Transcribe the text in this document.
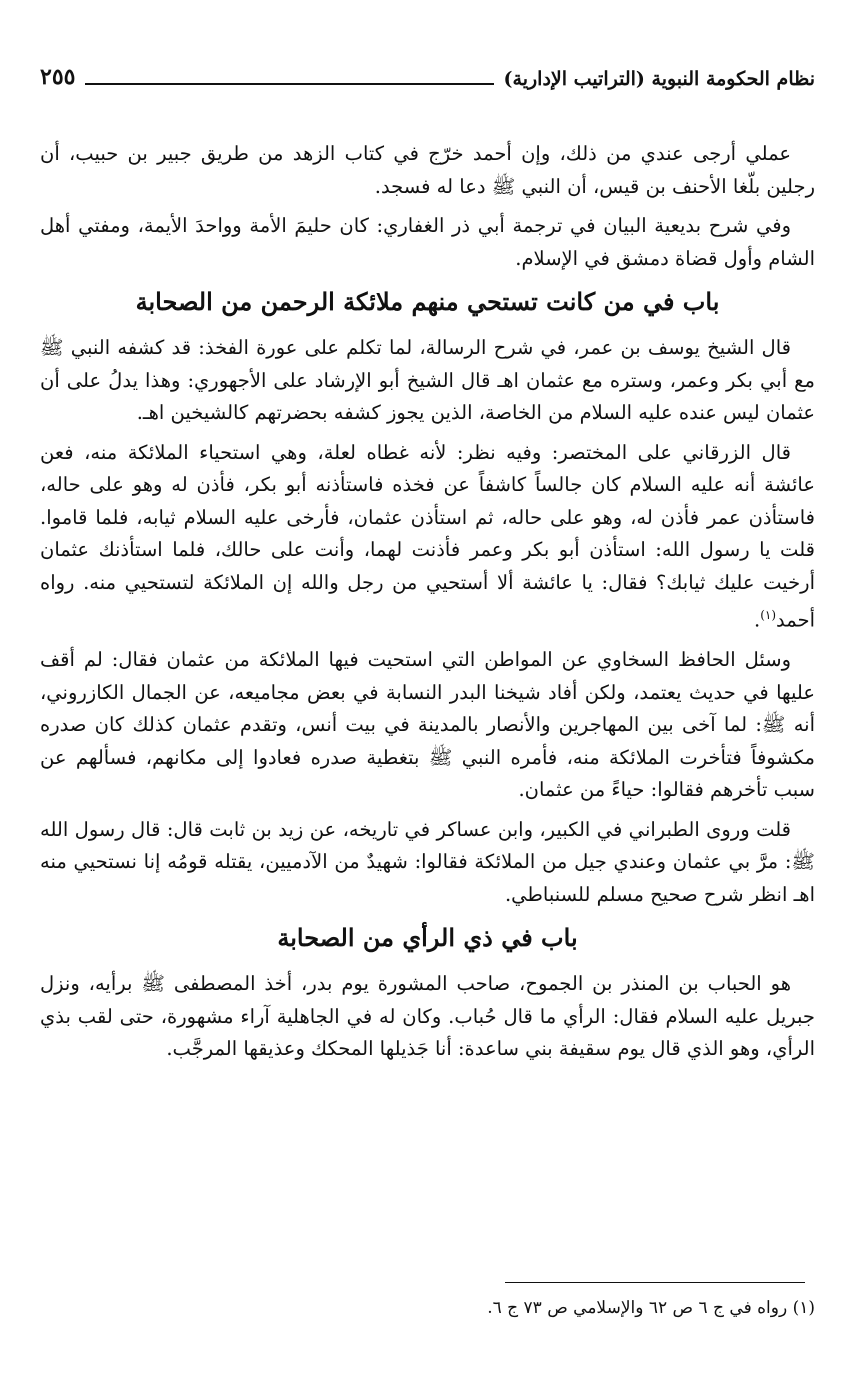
نظام الحكومة النبوية (التراتيب الإدارية)
٢٥٥

عملي أرجى عندي من ذلك، وإن أحمد خرّج في كتاب الزهد من طريق جبير بن حبيب، أن رجلين بلّغا الأحنف بن قيس، أن النبي ﷺ دعا له فسجد.

وفي شرح بديعية البيان في ترجمة أبي ذر الغفاري: كان حليمَ الأمة وواحدَ الأيمة، ومفتي أهل الشام وأول قضاة دمشق في الإسلام.

باب في من كانت تستحي منهم ملائكة الرحمن من الصحابة

قال الشيخ يوسف بن عمر، في شرح الرسالة، لما تكلم على عورة الفخذ: قد كشفه النبي ﷺ مع أبي بكر وعمر، وستره مع عثمان اهـ قال الشيخ أبو الإرشاد على الأجهوري: وهذا يدلُ على أن عثمان ليس عنده عليه السلام من الخاصة، الذين يجوز كشفه بحضرتهم كالشيخين اهـ.

قال الزرقاني على المختصر: وفيه نظر: لأنه غطاه لعلة، وهي استحياء الملائكة منه، فعن عائشة أنه عليه السلام كان جالساً كاشفاً عن فخذه فاستأذنه أبو بكر، فأذن له وهو على حاله، فاستأذن عمر فأذن له، وهو على حاله، ثم استأذن عثمان، فأرخى عليه السلام ثيابه، فلما قاموا. قلت يا رسول الله: استأذن أبو بكر وعمر فأذنت لهما، وأنت على حالك، فلما استأذنك عثمان أرخيت عليك ثيابك؟ فقال: يا عائشة ألا أستحيي من رجل والله إن الملائكة لتستحيي منه. رواه أحمد$^{(١)}$.

وسئل الحافظ السخاوي عن المواطن التي استحيت فيها الملائكة من عثمان فقال: لم أقف عليها في حديث يعتمد، ولكن أفاد شيخنا البدر النسابة في بعض مجاميعه، عن الجمال الكازروني، أنه ﷺ: لما آخى بين المهاجرين والأنصار بالمدينة في بيت أنس، وتقدم عثمان كذلك كان صدره مكشوفاً فتأخرت الملائكة منه، فأمره النبي ﷺ بتغطية صدره فعادوا إلى مكانهم، فسألهم عن سبب تأخرهم فقالوا: حياءً من عثمان.

قلت وروى الطبراني في الكبير، وابن عساكر في تاريخه، عن زيد بن ثابت قال: قال رسول الله ﷺ: مرَّ بي عثمان وعندي جيل من الملائكة فقالوا: شهيدٌ من الآدميين، يقتله قومُه إنا نستحيي منه اهـ انظر شرح صحيح مسلم للسنباطي.

باب في ذي الرأي من الصحابة

هو الحباب بن المنذر بن الجموح، صاحب المشورة يوم بدر، أخذ المصطفى ﷺ برأيه، ونزل جبريل عليه السلام فقال: الرأي ما قال حُباب. وكان له في الجاهلية آراء مشهورة، حتى لقب بذي الرأي، وهو الذي قال يوم سقيفة بني ساعدة: أنا جَذيلها المحكك وعذيقها المرجَّب.

(١) رواه في ج ٦ ص ٦٢ والإسلامي ص ٧٣ ج ٦.
